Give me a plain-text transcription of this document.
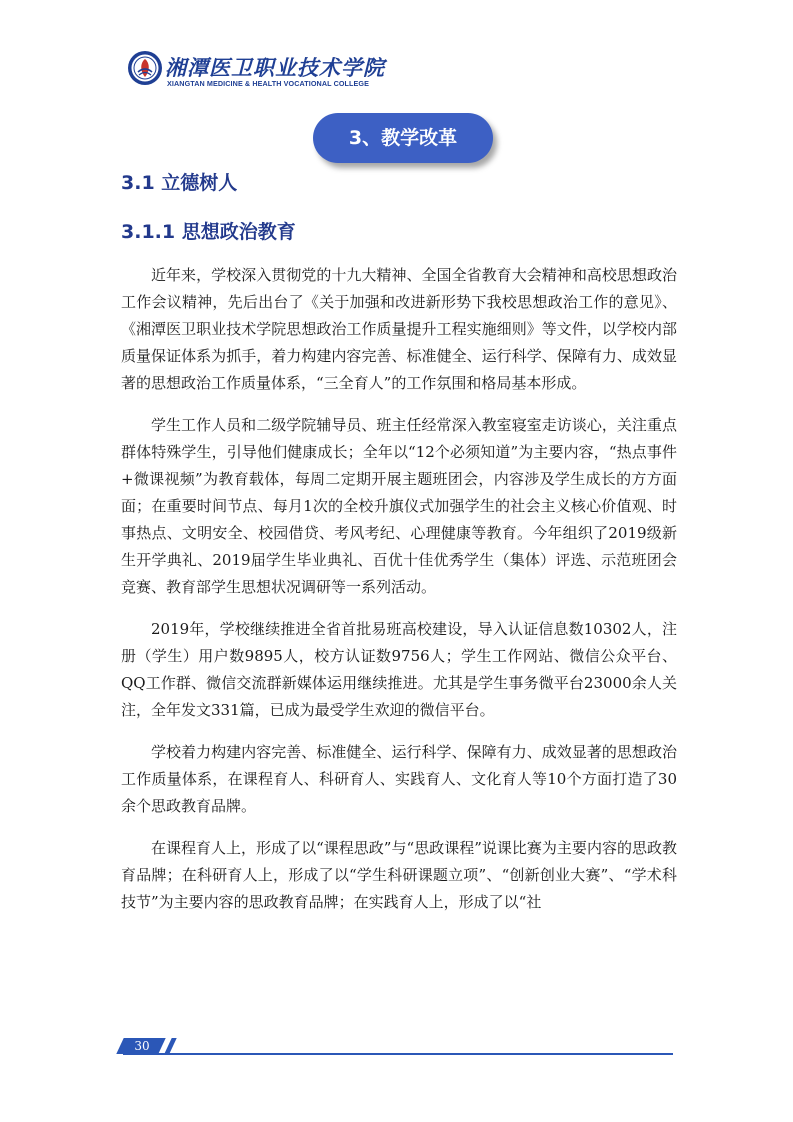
湘潭医卫职业技术学院
XIANGTAN MEDICINE & HEALTH VOCATIONAL COLLEGE
3、教学改革
3.1 立德树人
3.1.1 思想政治教育

近年来，学校深入贯彻党的十九大精神、全国全省教育大会精神和高校思想政治工作会议精神，先后出台了《关于加强和改进新形势下我校思想政治工作的意见》、《湘潭医卫职业技术学院思想政治工作质量提升工程实施细则》等文件，以学校内部质量保证体系为抓手，着力构建内容完善、标准健全、运行科学、保障有力、成效显著的思想政治工作质量体系，“三全育人”的工作氛围和格局基本形成。

学生工作人员和二级学院辅导员、班主任经常深入教室寝室走访谈心，关注重点群体特殊学生，引导他们健康成长；全年以“12个必须知道”为主要内容，“热点事件+微课视频”为教育载体，每周二定期开展主题班团会，内容涉及学生成长的方方面面；在重要时间节点、每月1次的全校升旗仪式加强学生的社会主义核心价值观、时事热点、文明安全、校园借贷、考风考纪、心理健康等教育。今年组织了2019级新生开学典礼、2019届学生毕业典礼、百优十佳优秀学生（集体）评选、示范班团会竞赛、教育部学生思想状况调研等一系列活动。

2019年，学校继续推进全省首批易班高校建设，导入认证信息数10302人，注册（学生）用户数9895人，校方认证数9756人；学生工作网站、微信公众平台、QQ工作群、微信交流群新媒体运用继续推进。尤其是学生事务微平台23000余人关注，全年发文331篇，已成为最受学生欢迎的微信平台。

学校着力构建内容完善、标准健全、运行科学、保障有力、成效显著的思想政治工作质量体系，在课程育人、科研育人、实践育人、文化育人等10个方面打造了30余个思政教育品牌。

在课程育人上，形成了以“课程思政”与“思政课程”说课比赛为主要内容的思政教育品牌；在科研育人上，形成了以“学生科研课题立项”、“创新创业大赛”、“学术科技节”为主要内容的思政教育品牌；在实践育人上，形成了以“社

30
